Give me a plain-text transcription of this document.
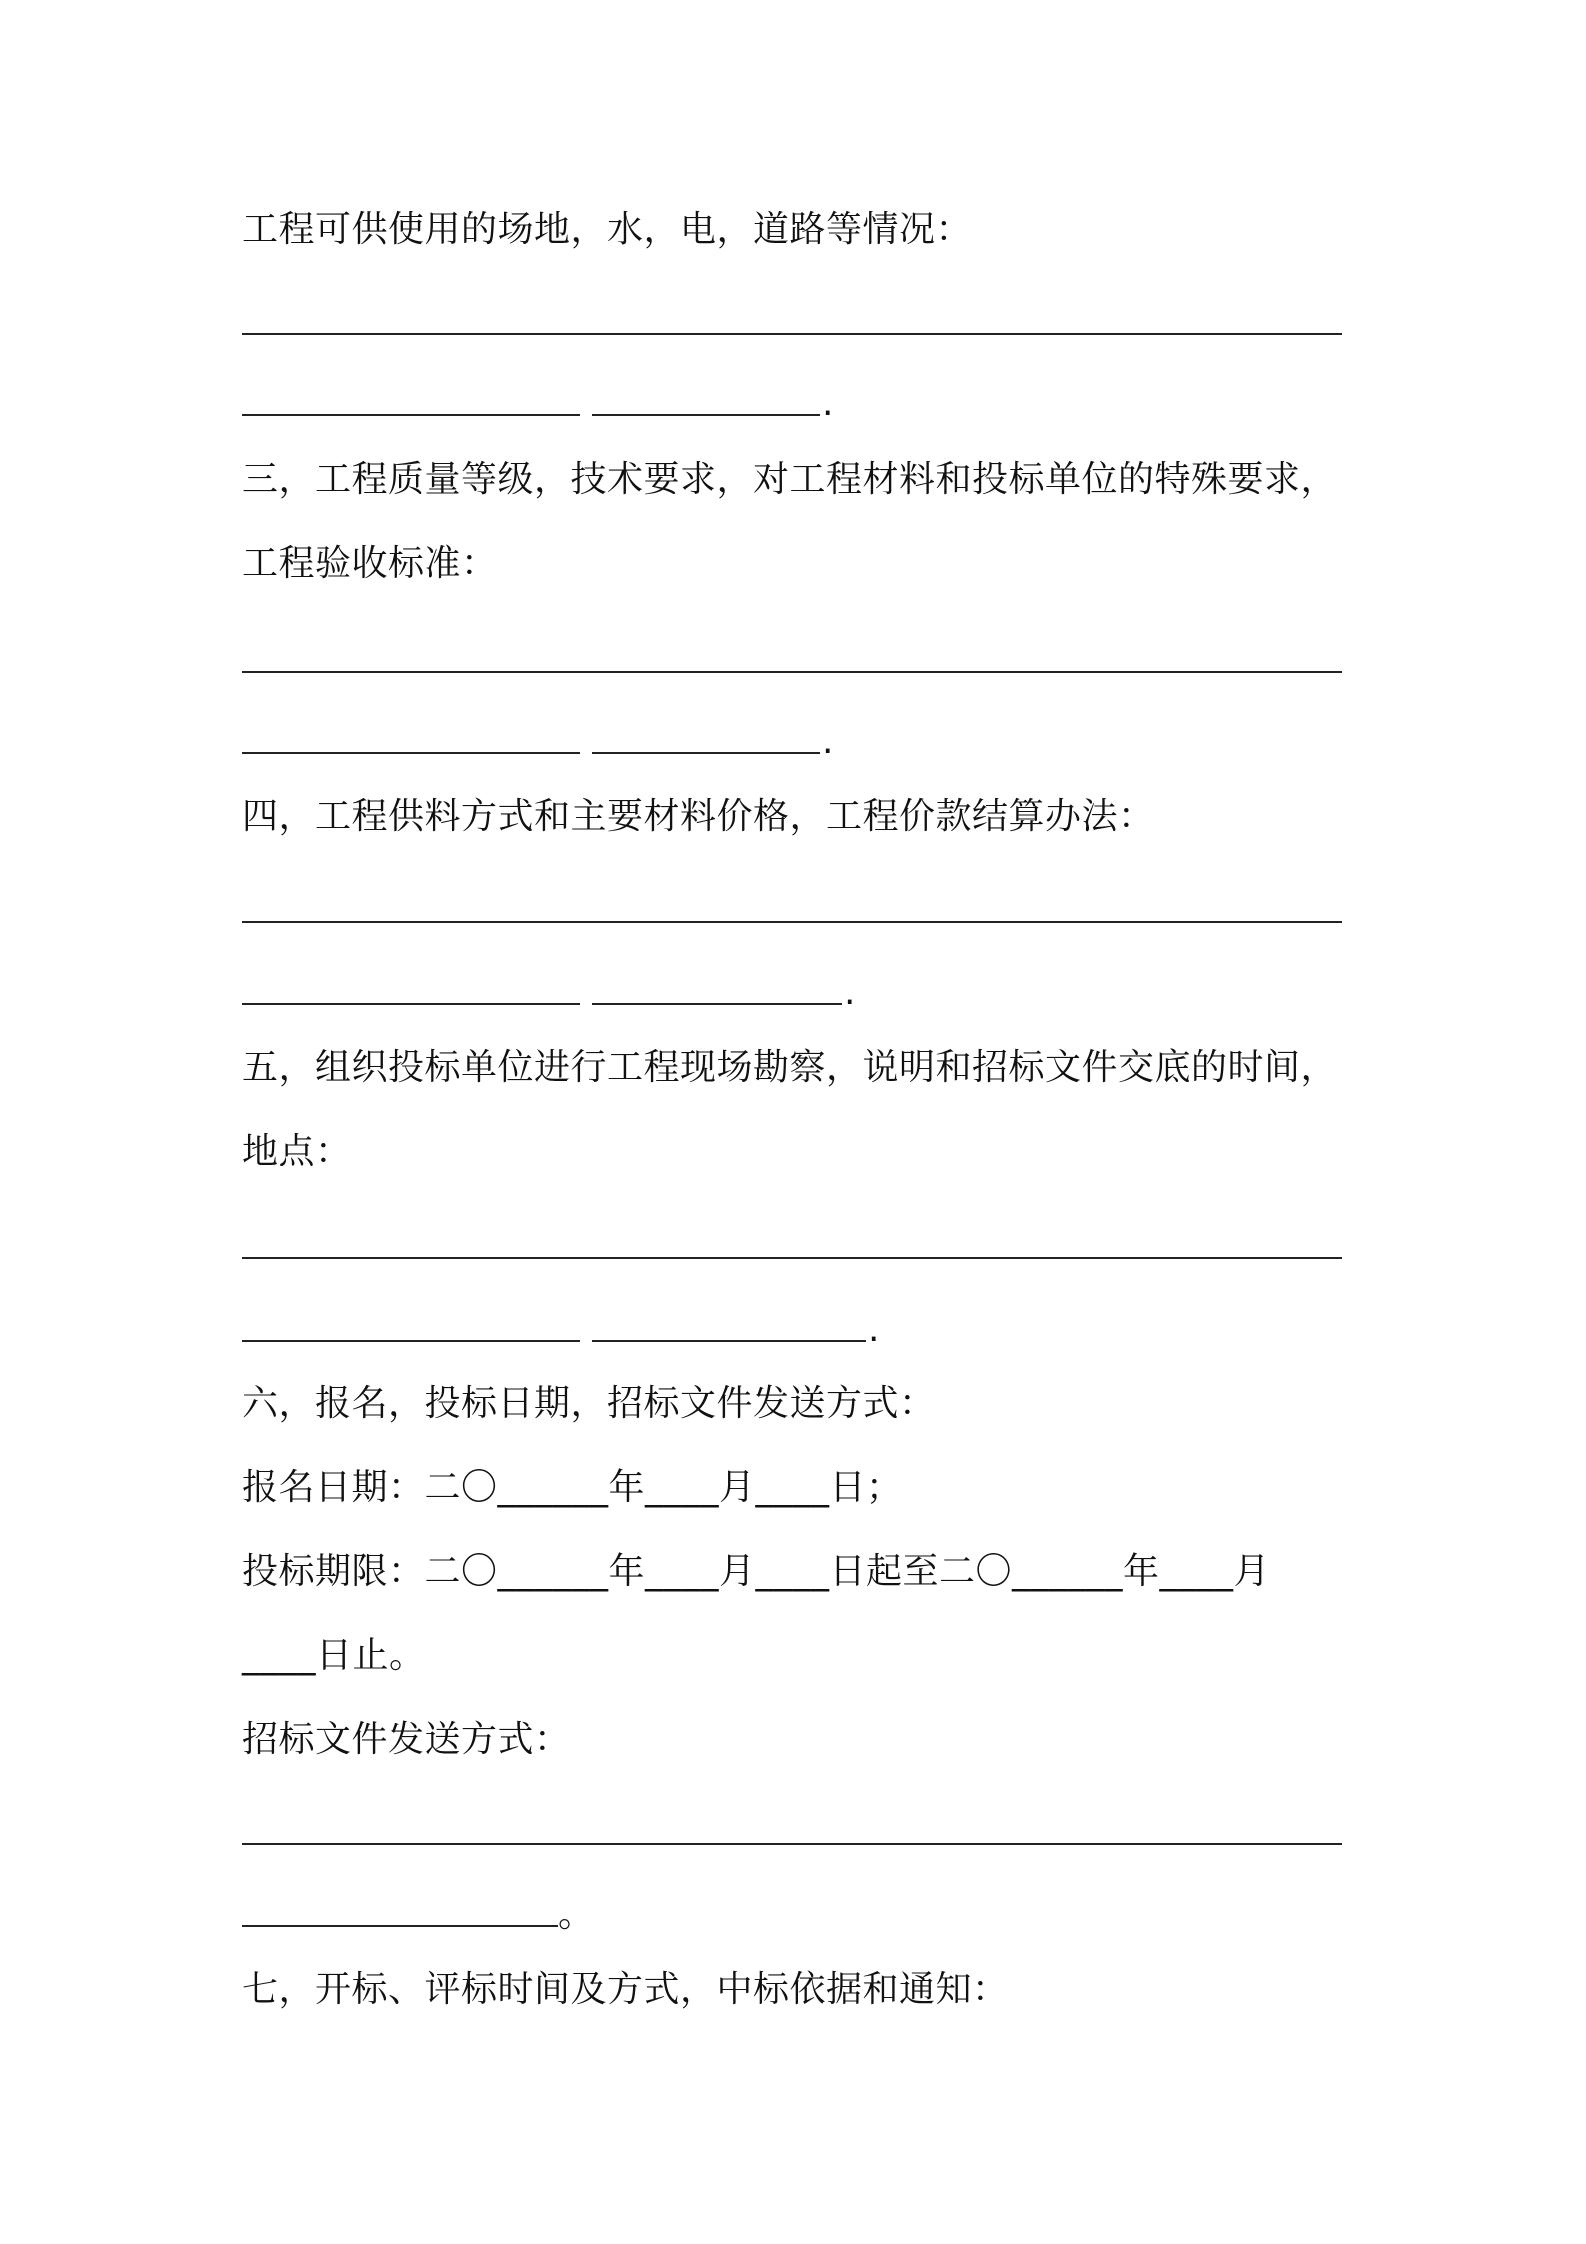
工程可供使用的场地，水，电，道路等情况：
.
三，工程质量等级，技术要求，对工程材料和投标单位的特殊要求，
工程验收标准：
.
四，工程供料方式和主要材料价格，工程价款结算办法：
.
五，组织投标单位进行工程现场勘察，说明和招标文件交底的时间，
地点：
.
六，报名，投标日期，招标文件发送方式：
报名日期：二〇______年____月____日；
投标期限：二〇______年____月____日起至二〇______年____月
____日止。
招标文件发送方式：
。
七，开标、评标时间及方式，中标依据和通知：
